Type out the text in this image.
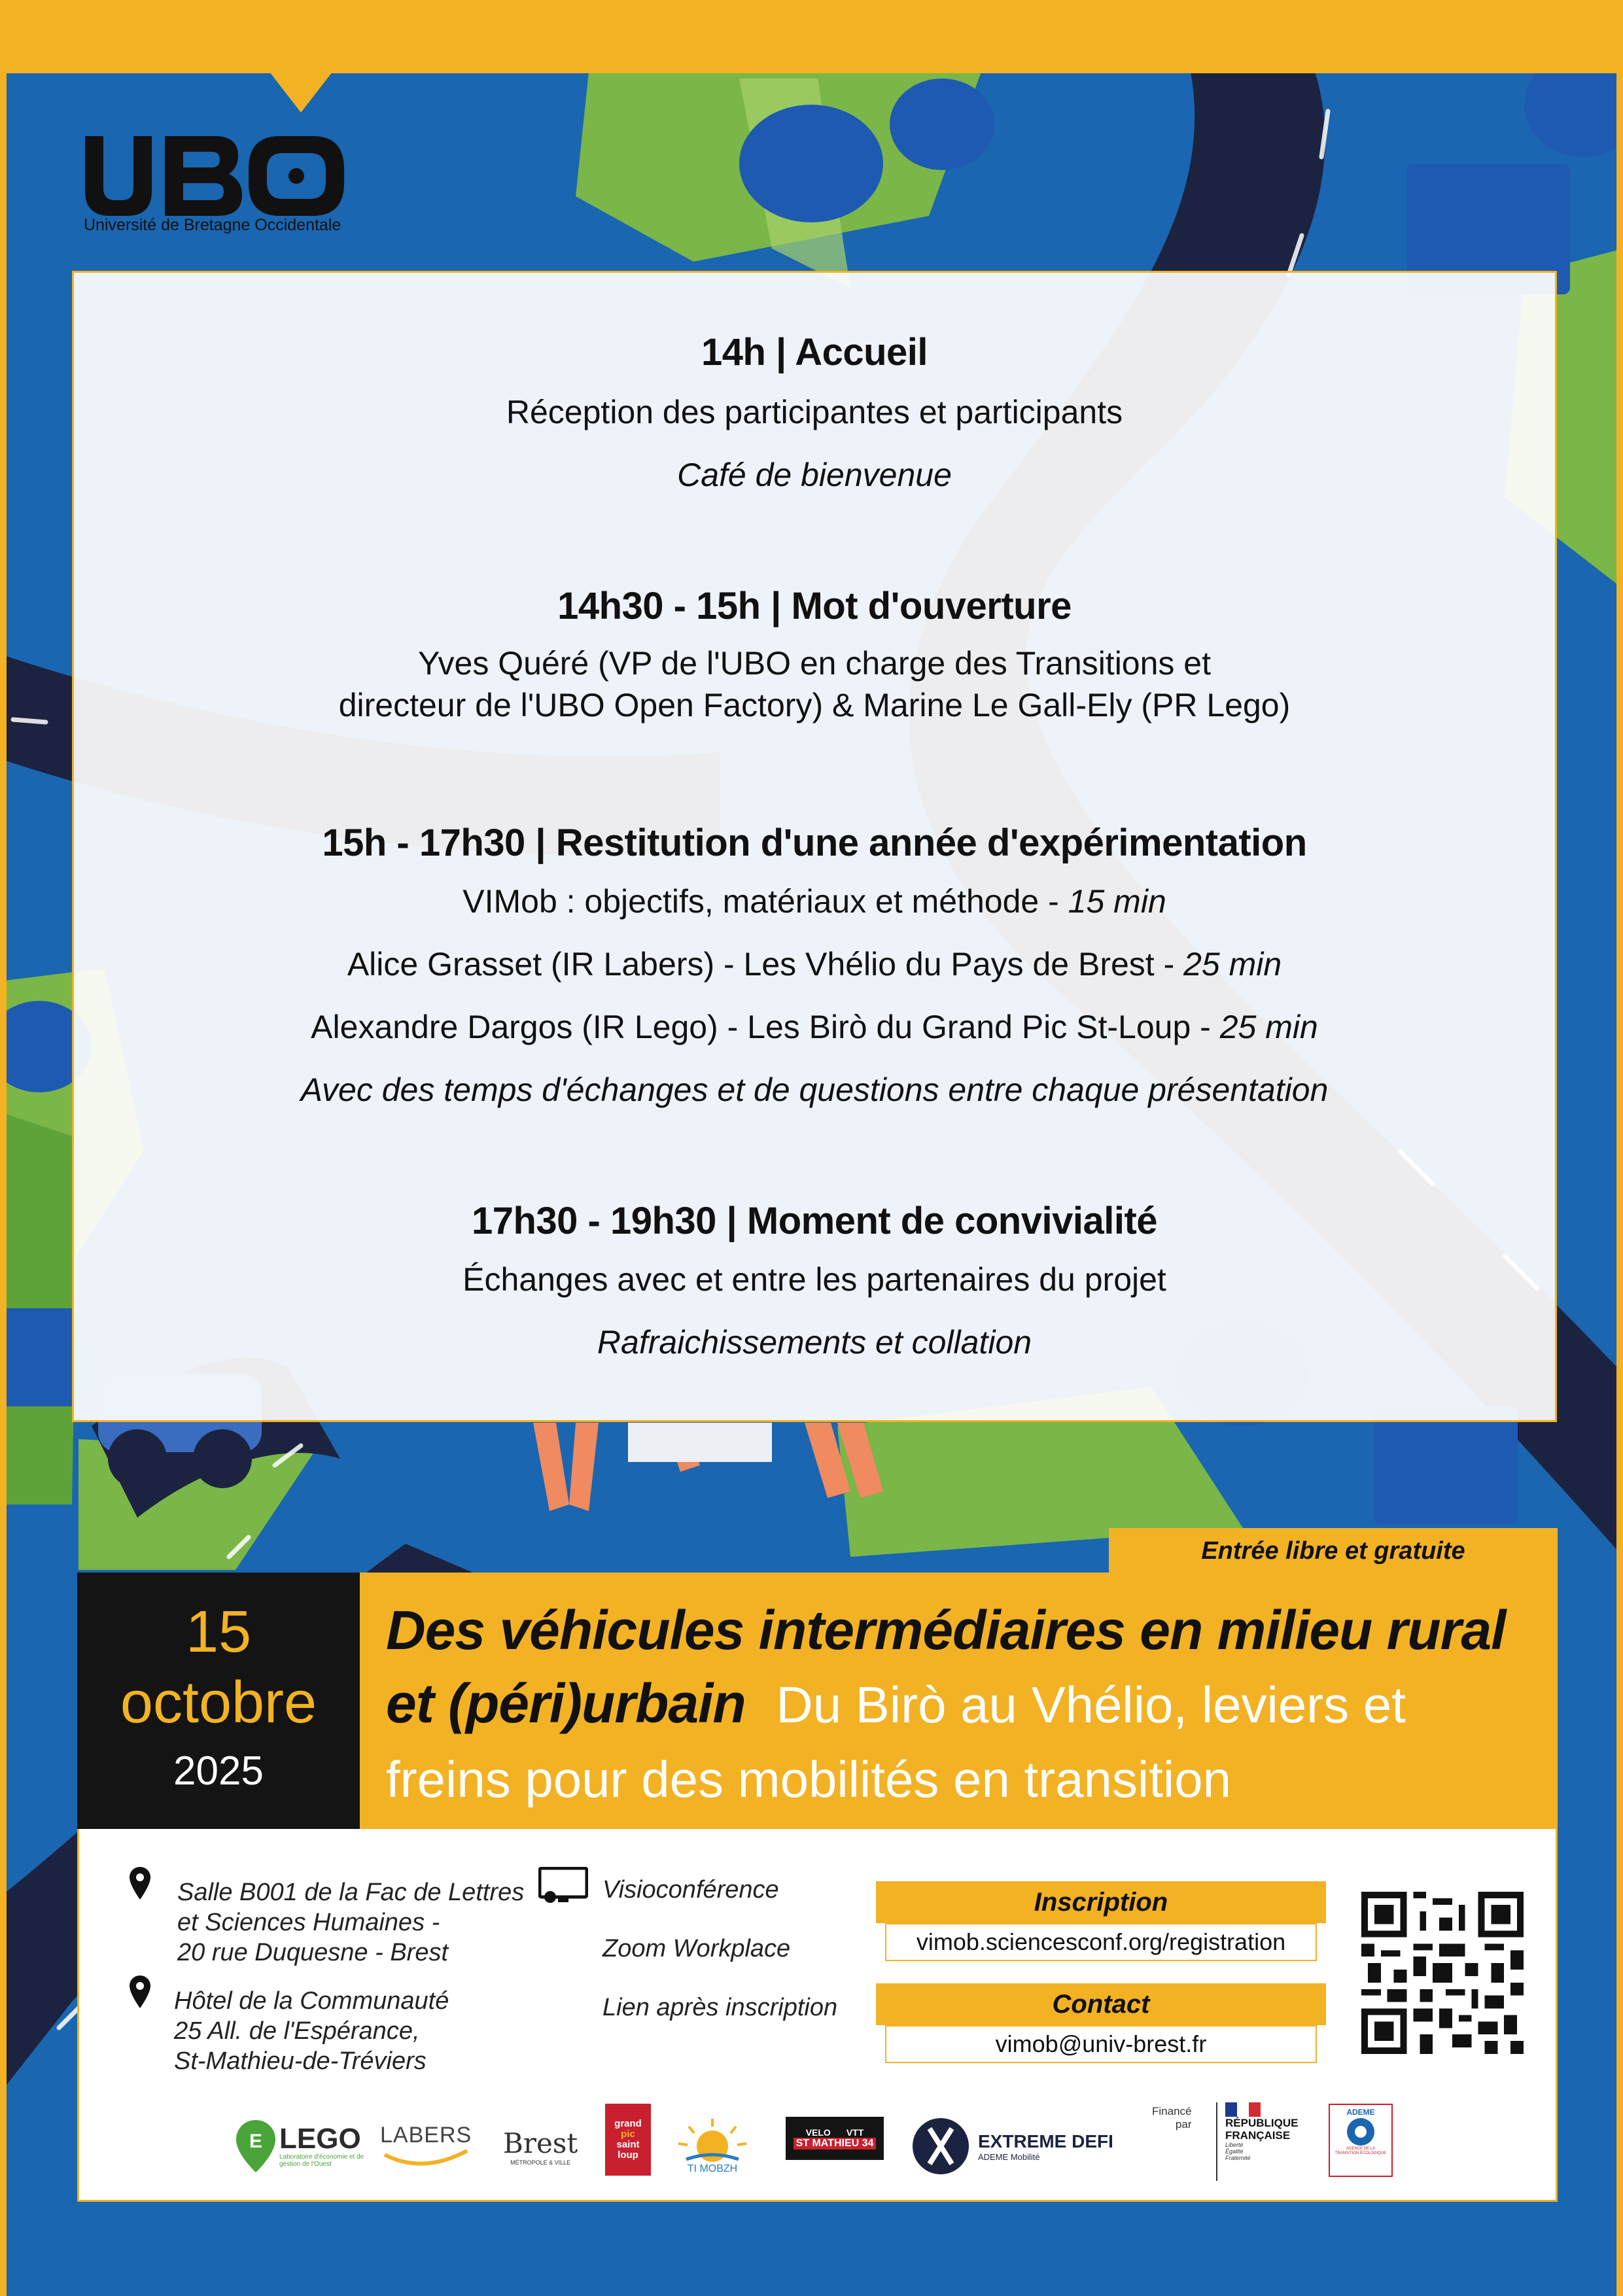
Université de Bretagne Occidentale
14h | Accueil
Réception des participantes et participants
Café de bienvenue
14h30 - 15h | Mot d'ouverture
Yves Quéré (VP de l'UBO en charge des Transitions et
directeur de l'UBO Open Factory) & Marine Le Gall-Ely (PR Lego)
15h - 17h30 | Restitution d'une année d'expérimentation
VIMob : objectifs, matériaux et méthode - 15 min
Alice Grasset (IR Labers) - Les Vhélio du Pays de Brest - 25 min
Alexandre Dargos (IR Lego) - Les Birò du Grand Pic St-Loup - 25 min
Avec des temps d'échanges et de questions entre chaque présentation
17h30 - 19h30 | Moment de convivialité
Échanges avec et entre les partenaires du projet
Rafraichissements et collation
Entrée libre et gratuite
15
octobre
2025
Des véhicules intermédiaires en milieu rural
et (péri)urbain Du Birò au Vhélio, leviers et
freins pour des mobilités en transition
Salle B001 de la Fac de Lettres
et Sciences Humaines -
20 rue Duquesne - Brest
Hôtel de la Communauté
25 All. de l'Espérance,
St-Mathieu-de-Tréviers
Visioconférence
Zoom Workplace
Lien après inscription
Inscription
vimob.sciencesconf.org/registration
Contact
vimob@univ-brest.fr
E LEGO
Laboratoire d'économie et de gestion de l'Ouest
LABERS Brest
MÉTROPOLE & VILLE
grand
pic
saint
loup
TI MOBZH
VELO VTT
ST MATHIEU 34	EXTREME DEFI
ADEME Mobilité
Financé
par	RÉPUBLIQUE
FRANÇAISE
Liberté
Égalité
Fraternité
ADEME
AGENCE DE LA TRANSITION ÉCOLOGIQUE
